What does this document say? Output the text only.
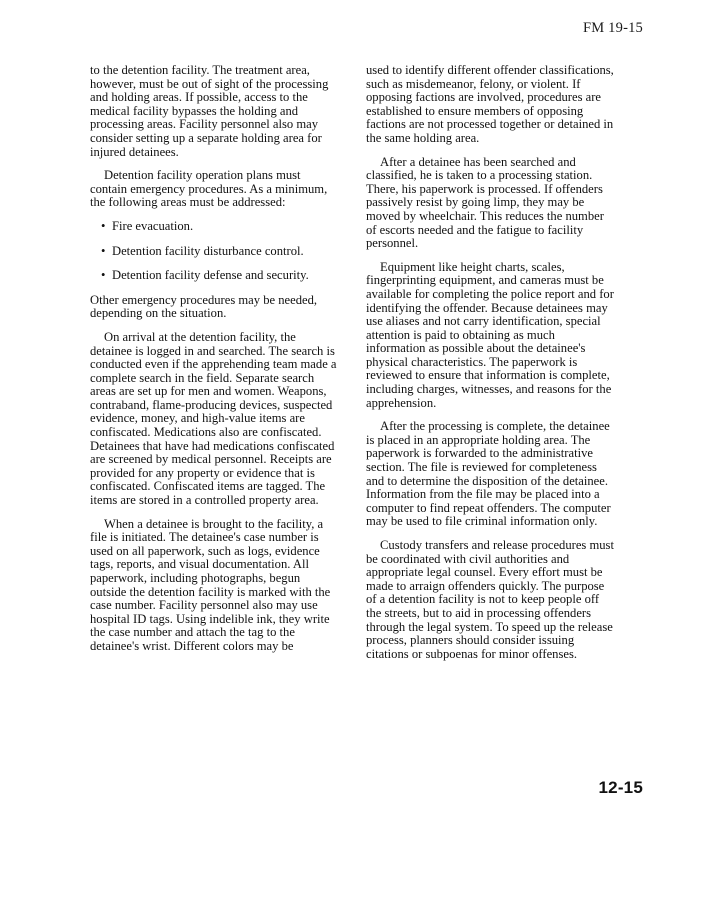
FM 19-15

to the detention facility. The treatment area, however, must be out of sight of the processing and holding areas. If possible, access to the medical facility bypasses the holding and processing areas. Facility personnel also may consider setting up a separate holding area for injured detainees.

Detention facility operation plans must contain emergency procedures. As a minimum, the following areas must be addressed:

• Fire evacuation.
• Detention facility disturbance control.
• Detention facility defense and security.

Other emergency procedures may be needed, depending on the situation.

On arrival at the detention facility, the detainee is logged in and searched. The search is conducted even if the apprehending team made a complete search in the field. Separate search areas are set up for men and women. Weapons, contraband, flame-producing devices, suspected evidence, money, and high-value items are confiscated. Medications also are confiscated. Detainees that have had medications confiscated are screened by medical personnel. Receipts are provided for any property or evidence that is confiscated. Confiscated items are tagged. The items are stored in a controlled property area.

When a detainee is brought to the facility, a file is initiated. The detainee's case number is used on all paperwork, such as logs, evidence tags, reports, and visual documentation. All paperwork, including photographs, begun outside the detention facility is marked with the case number. Facility personnel also may use hospital ID tags. Using indelible ink, they write the case number and attach the tag to the detainee's wrist. Different colors may be

used to identify different offender classifications, such as misdemeanor, felony, or violent. If opposing factions are involved, procedures are established to ensure members of opposing factions are not processed together or detained in the same holding area.

After a detainee has been searched and classified, he is taken to a processing station. There, his paperwork is processed. If offenders passively resist by going limp, they may be moved by wheelchair. This reduces the number of escorts needed and the fatigue to facility personnel.

Equipment like height charts, scales, fingerprinting equipment, and cameras must be available for completing the police report and for identifying the offender. Because detainees may use aliases and not carry identification, special attention is paid to obtaining as much information as possible about the detainee's physical characteristics. The paperwork is reviewed to ensure that information is complete, including charges, witnesses, and reasons for the apprehension.

After the processing is complete, the detainee is placed in an appropriate holding area. The paperwork is forwarded to the administrative section. The file is reviewed for completeness and to determine the disposition of the detainee. Information from the file may be placed into a computer to find repeat offenders. The computer may be used to file criminal information only.

Custody transfers and release procedures must be coordinated with civil authorities and appropriate legal counsel. Every effort must be made to arraign offenders quickly. The purpose of a detention facility is not to keep people off the streets, but to aid in processing offenders through the legal system. To speed up the release process, planners should consider issuing citations or subpoenas for minor offenses.

12-15
